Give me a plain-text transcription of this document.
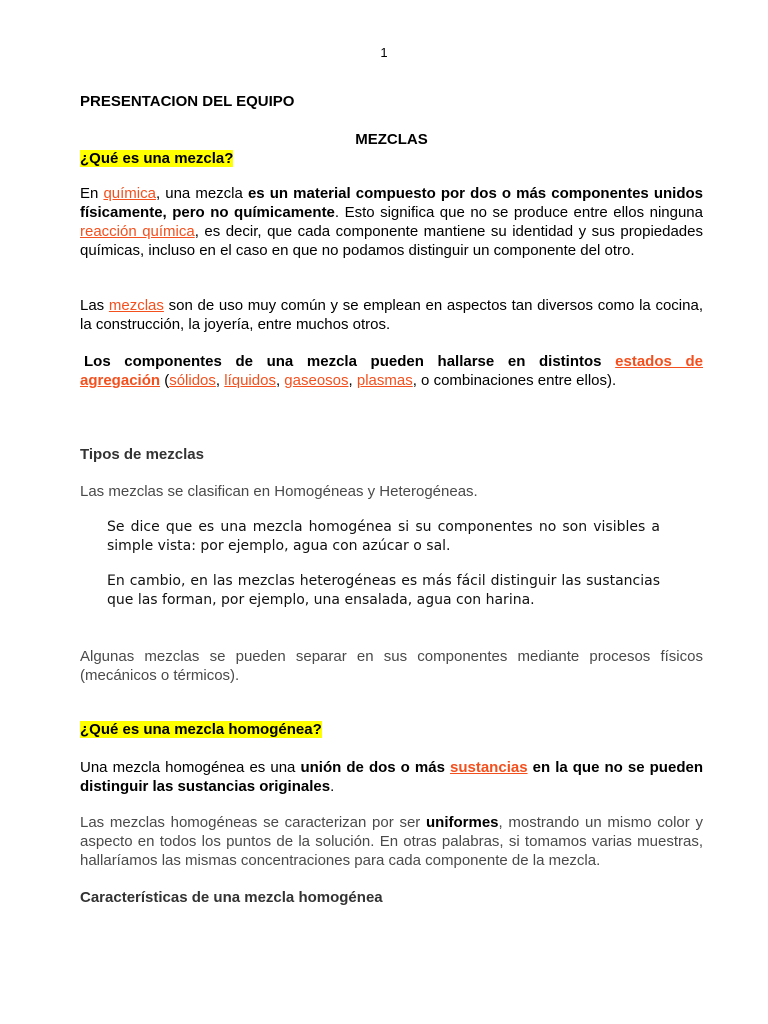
1
PRESENTACION DEL EQUIPO
MEZCLAS
¿Qué es una mezcla?
En química, una mezcla es un material compuesto por dos o más componentes unidos físicamente, pero no químicamente. Esto significa que no se produce entre ellos ninguna reacción química, es decir, que cada componente mantiene su identidad y sus propiedades químicas, incluso en el caso en que no podamos distinguir un componente del otro.
Las mezclas son de uso muy común y se emplean en aspectos tan diversos como la cocina, la construcción, la joyería, entre muchos otros.
Los componentes de una mezcla pueden hallarse en distintos estados de
agregación (sólidos, líquidos, gaseosos, plasmas, o combinaciones entre ellos).
Tipos de mezclas
Las mezclas se clasifican en Homogéneas y Heterogéneas.
Se dice que es una mezcla homogénea si su componentes no son visibles a simple vista: por ejemplo, agua con azúcar o sal.
En cambio, en las mezclas heterogéneas es más fácil distinguir las sustancias que las forman, por ejemplo, una ensalada, agua con harina.
Algunas mezclas se pueden separar en sus componentes mediante procesos físicos (mecánicos o térmicos).
¿Qué es una mezcla homogénea?
Una mezcla homogénea es una unión de dos o más sustancias en la que no se pueden distinguir las sustancias originales.
Las mezclas homogéneas se caracterizan por ser uniformes, mostrando un mismo color y aspecto en todos los puntos de la solución. En otras palabras, si tomamos varias muestras, hallaríamos las mismas concentraciones para cada componente de la mezcla.
Características de una mezcla homogénea
